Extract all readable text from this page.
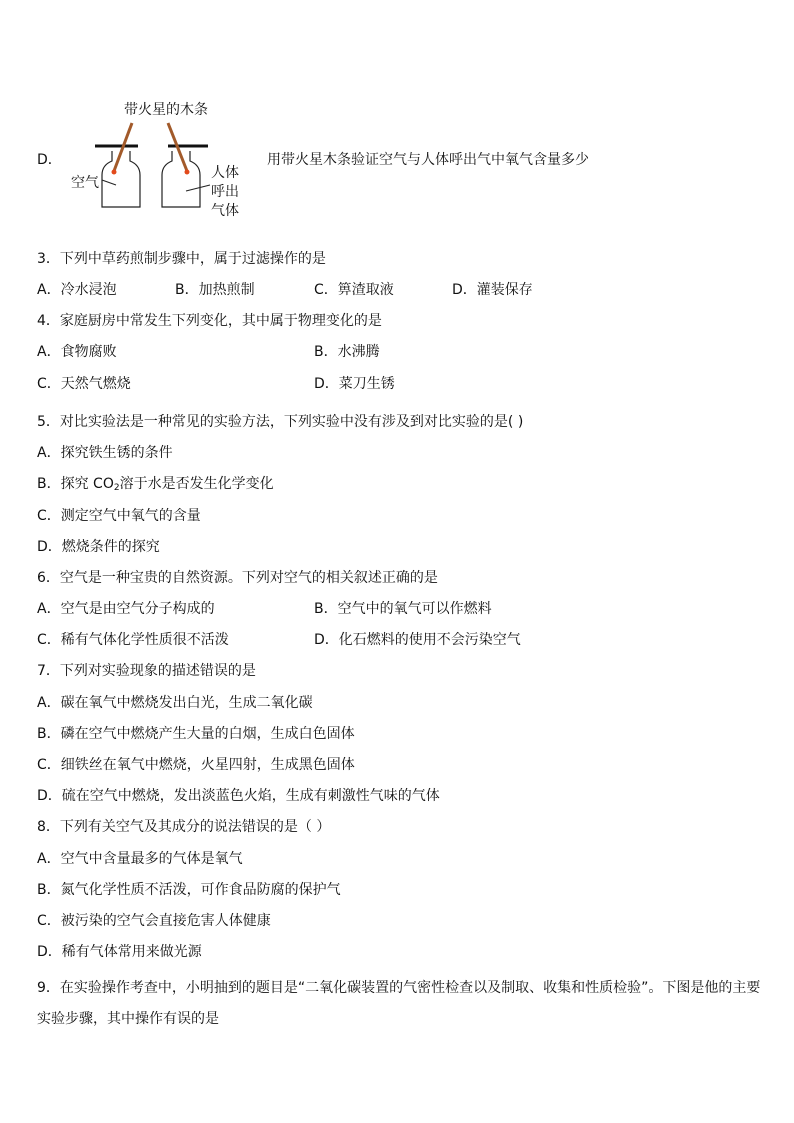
D．
带火星的木条
空气
人体
呼出
气体
用带火星木条验证空气与人体呼出气中氧气含量多少
3．下列中草药煎制步骤中，属于过滤操作的是
A．冷水浸泡	B．加热煎制	C．箅渣取液	D．灌装保存
4．家庭厨房中常发生下列变化，其中属于物理变化的是
A．食物腐败	B．水沸腾
C．天然气燃烧	D．菜刀生锈
5．对比实验法是一种常见的实验方法，下列实验中没有涉及到对比实验的是( )
A．探究铁生锈的条件
B．探究 $CO_2$溶于水是否发生化学变化
C．测定空气中氧气的含量
D．燃烧条件的探究
6．空气是一种宝贵的自然资源。下列对空气的相关叙述正确的是
A．空气是由空气分子构成的	B．空气中的氧气可以作燃料
C．稀有气体化学性质很不活泼	D．化石燃料的使用不会污染空气
7．下列对实验现象的描述错误的是
A．碳在氧气中燃烧发出白光，生成二氧化碳
B．磷在空气中燃烧产生大量的白烟，生成白色固体
C．细铁丝在氧气中燃烧，火星四射，生成黑色固体
D．硫在空气中燃烧，发出淡蓝色火焰，生成有刺激性气味的气体
8．下列有关空气及其成分的说法错误的是（ ）
A．空气中含量最多的气体是氧气
B．氮气化学性质不活泼，可作食品防腐的保护气
C．被污染的空气会直接危害人体健康
D．稀有气体常用来做光源
9．在实验操作考查中，小明抽到的题目是“二氧化碳装置的气密性检查以及制取、收集和性质检验”。下图是他的主要实验步骤，其中操作有误的是
